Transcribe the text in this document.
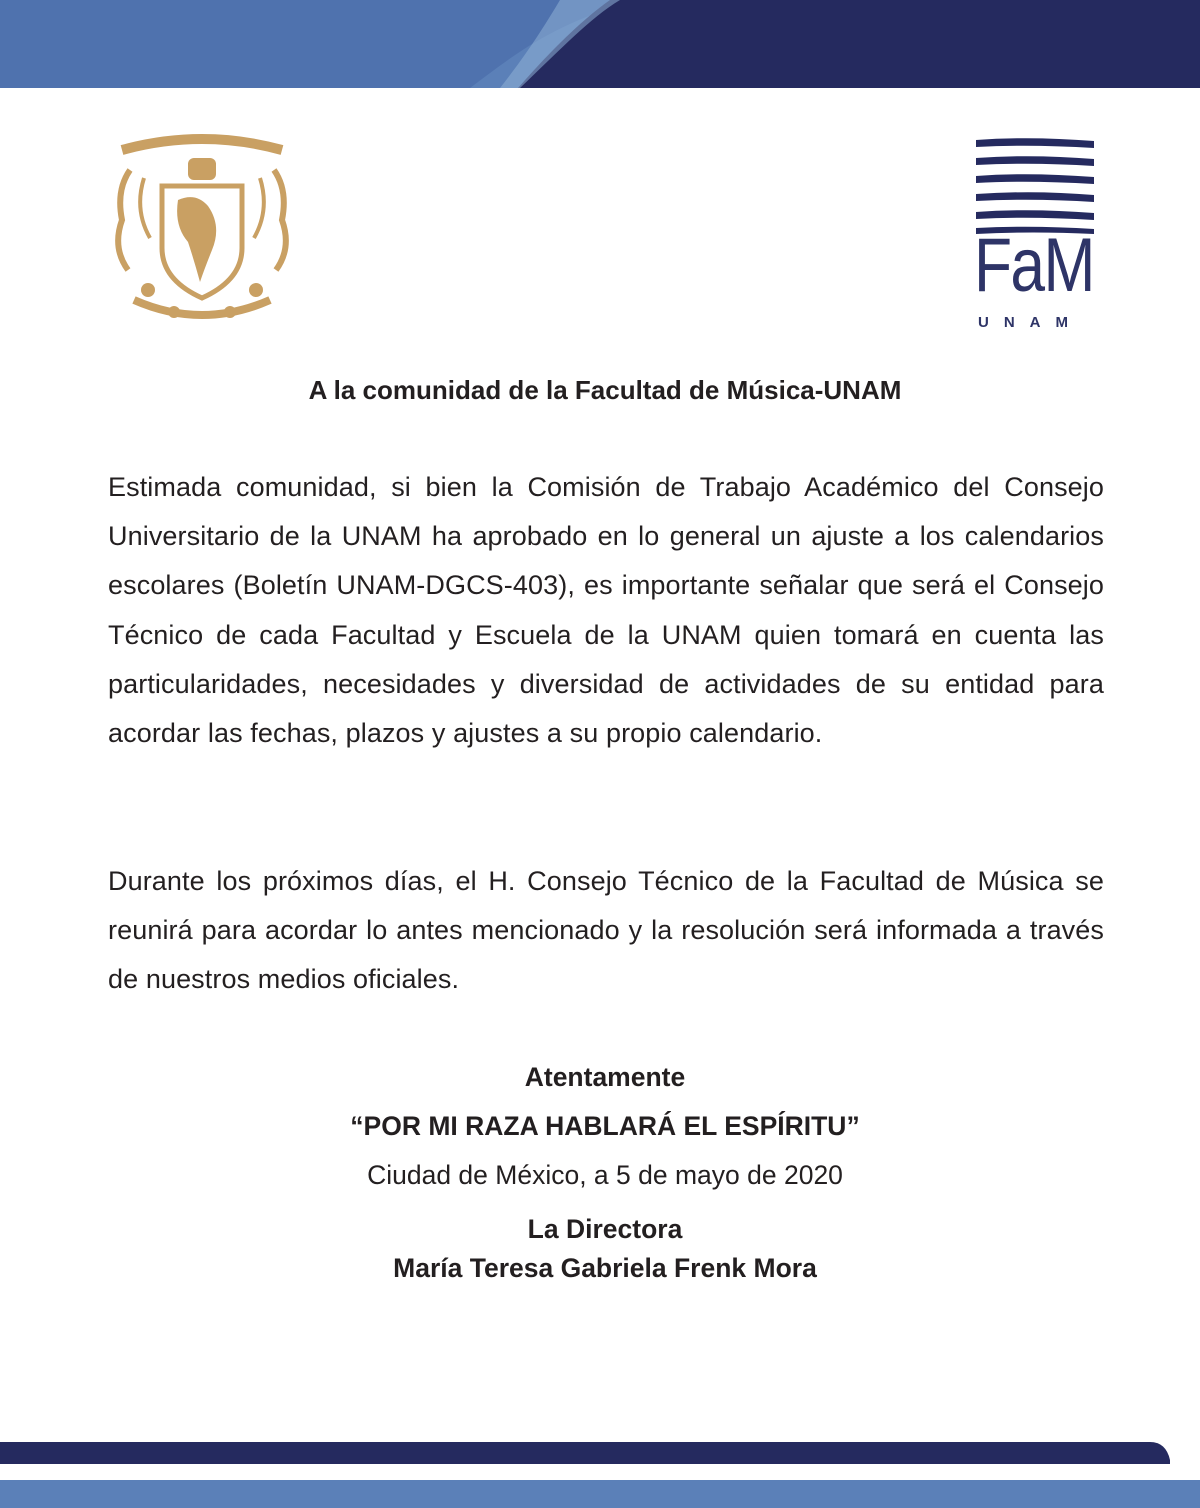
FaM
UNAM
A la comunidad de la Facultad de Música-UNAM
Estimada comunidad, si bien la Comisión de Trabajo Académico del Consejo Universitario de la UNAM ha aprobado en lo general un ajuste a los calendarios escolares (Boletín UNAM-DGCS-403), es importante señalar que será el Consejo Técnico de cada Facultad y Escuela de la UNAM quien tomará en cuenta las particularidades, necesidades y diversidad de actividades de su entidad para acordar las fechas, plazos y ajustes a su propio calendario.
Durante los próximos días, el H. Consejo Técnico de la Facultad de Música se reunirá para acordar lo antes mencionado y la resolución será informada a través de nuestros medios oficiales.
Atentamente
“POR MI RAZA HABLARÁ EL ESPÍRITU”
Ciudad de México, a 5 de mayo de 2020
La Directora
María Teresa Gabriela Frenk Mora
